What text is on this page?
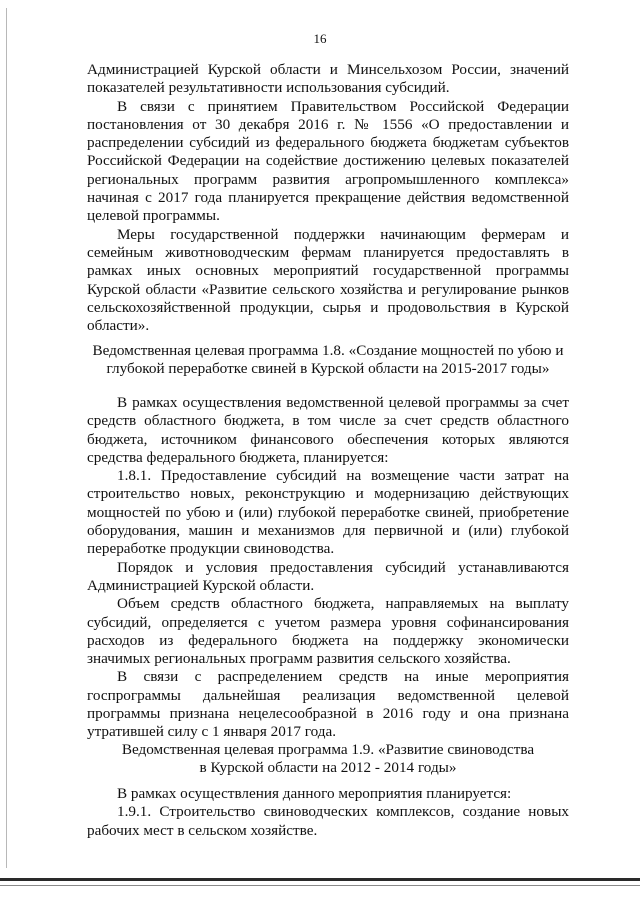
16

Администрацией Курской области и Минсельхозом России, значений показателей результативности использования субсидий.

В связи с принятием Правительством Российской Федерации постановления от 30 декабря 2016 г. № 1556 «О предоставлении и распределении субсидий из федерального бюджета бюджетам субъектов Российской Федерации на содействие достижению целевых показателей региональных программ развития агропромышленного комплекса» начиная с 2017 года планируется прекращение действия ведомственной целевой программы.

Меры государственной поддержки начинающим фермерам и семейным животноводческим фермам планируется предоставлять в рамках иных основных мероприятий государственной программы Курской области «Развитие сельского хозяйства и регулирование рынков сельскохозяйственной продукции, сырья и продовольствия в Курской области».

Ведомственная целевая программа 1.8. «Создание мощностей по убою и

глубокой переработке свиней в Курской области на 2015-2017 годы»

В рамках осуществления ведомственной целевой программы за счет средств областного бюджета, в том числе за счет средств областного бюджета, источником финансового обеспечения которых являются средства федерального бюджета, планируется:

1.8.1. Предоставление субсидий на возмещение части затрат на строительство новых, реконструкцию и модернизацию действующих мощностей по убою и (или) глубокой переработке свиней, приобретение оборудования, машин и механизмов для первичной и (или) глубокой переработке продукции свиноводства.

Порядок и условия предоставления субсидий устанавливаются Администрацией Курской области.

Объем средств областного бюджета, направляемых на выплату субсидий, определяется с учетом размера уровня софинансирования расходов из федерального бюджета на поддержку экономически значимых региональных программ развития сельского хозяйства.

В связи с распределением средств на иные мероприятия госпрограммы дальнейшая реализация ведомственной целевой программы признана нецелесообразной в 2016 году и она признана утратившей силу с 1 января 2017 года.

Ведомственная целевая программа 1.9. «Развитие свиноводства

в Курской области на 2012 - 2014 годы»

В рамках осуществления данного мероприятия планируется:

1.9.1. Строительство свиноводческих комплексов, создание новых рабочих мест в сельском хозяйстве.
